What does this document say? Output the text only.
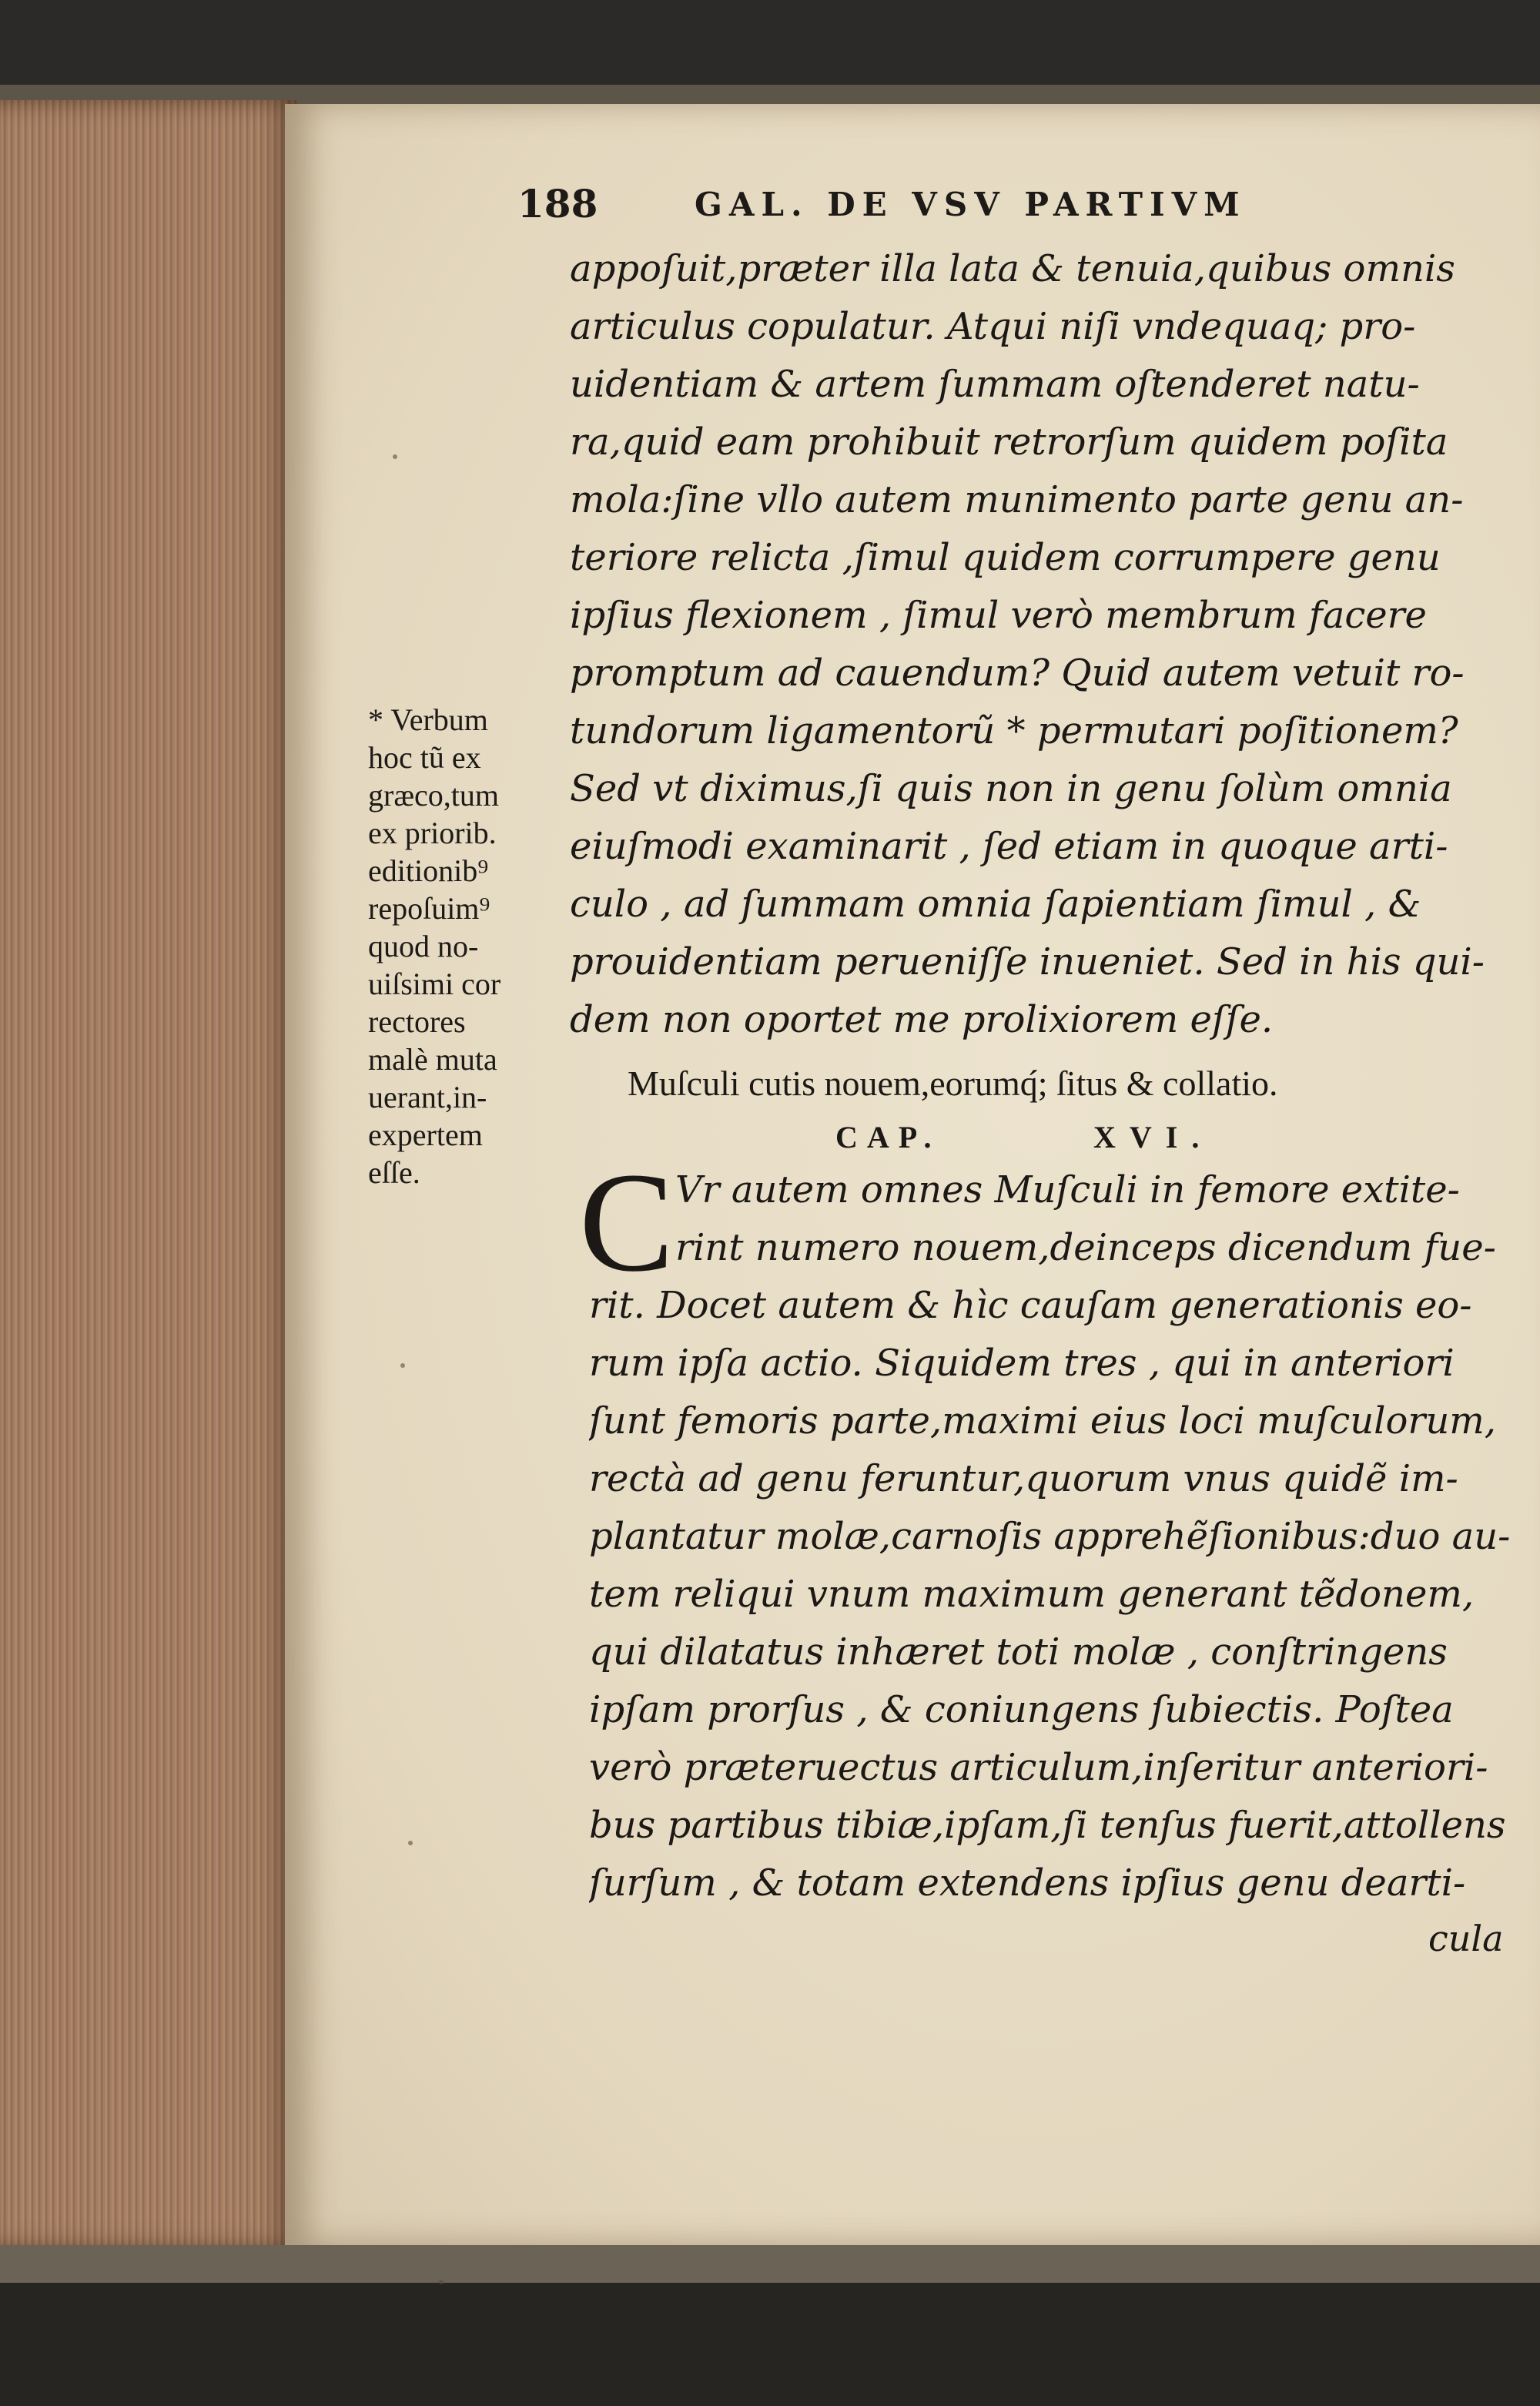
188	GAL. DE VSV PARTIVM
appoſuit,præter illa lata & tenuia,quibus omnis
articulus copulatur. Atqui niſi vndequaq; pro-
uidentiam & artem ſummam oſtenderet natu-
ra,quid eam prohibuit retrorſum quidem poſita
mola:ſine vllo autem munimento parte genu an-
teriore relicta ,ſimul quidem corrumpere genu
ipſius flexionem , ſimul verò membrum facere
promptum ad cauendum? Quid autem vetuit ro-
tundorum ligamentorũ * permutari poſitionem?
Sed vt diximus,ſi quis non in genu ſolùm omnia
eiuſmodi examinarit , ſed etiam in quoque arti-
culo , ad ſummam omnia ſapientiam ſimul , &
prouidentiam perueniſſe inueniet. Sed in his qui-
dem non oportet me prolixiorem eſſe.
* Verbum
hoc tũ ex
græco,tum
ex priorib.
editionib⁹
repoſuim⁹
quod no-
uiſsimi cor
rectores
malè muta
uerant,in-
expertem
eſſe.
Muſculi cutis nouem,eorumq́; ſitus & collatio.
CAP.	XVI.
C Vr autem omnes Muſculi in femore extite-
rint numero nouem,deinceps dicendum fue-
rit. Docet autem & hìc cauſam generationis eo-
rum ipſa actio. Siquidem tres , qui in anteriori
ſunt femoris parte,maximi eius loci muſculorum,
rectà ad genu feruntur,quorum vnus quidẽ im-
plantatur molæ,carnoſis apprehẽſionibus:duo au-
tem reliqui vnum maximum generant tẽdonem,
qui dilatatus inhæret toti molæ , conſtringens
ipſam prorſus , & coniungens ſubiectis. Poſtea
verò præteruectus articulum,inſeritur anteriori-
bus partibus tibiæ,ipſam,ſi tenſus fuerit,attollens
ſurſum , & totam extendens ipſius genu dearti-
cula
